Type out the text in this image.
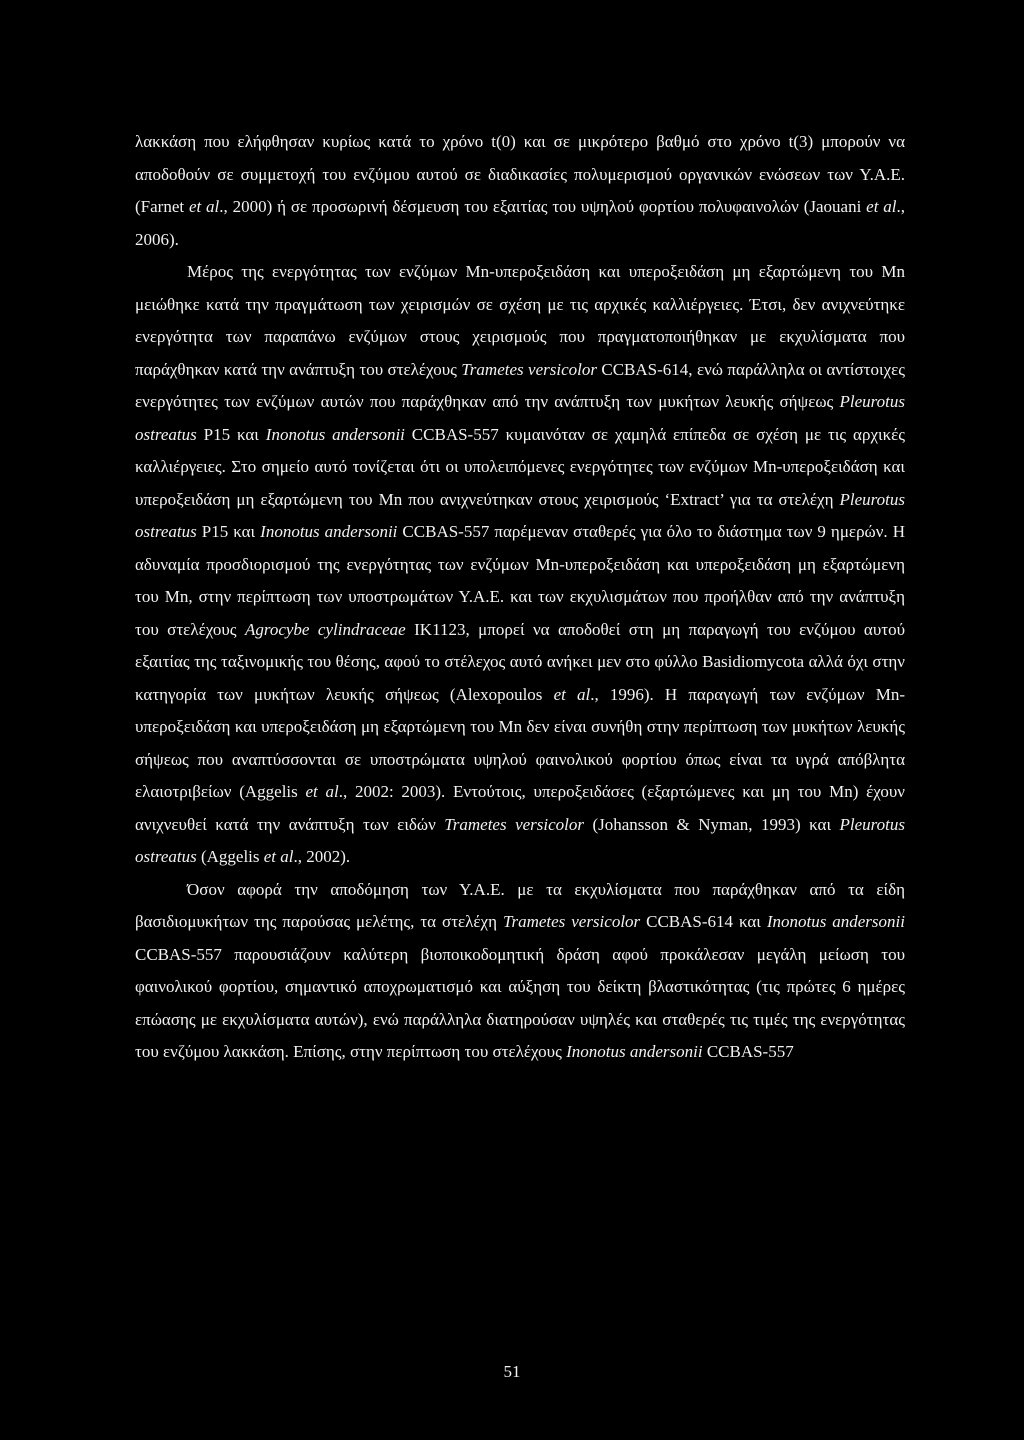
λακκάση που ελήφθησαν κυρίως κατά το χρόνο t(0) και σε μικρότερο βαθμό στο χρόνο t(3) μπορούν να αποδοθούν σε συμμετοχή του ενζύμου αυτού σε διαδικασίες πολυμερισμού οργανικών ενώσεων των Υ.Α.Ε. (Farnet et al., 2000) ή σε προσωρινή δέσμευση του εξαιτίας του υψηλού φορτίου πολυφαινολών (Jaouani et al., 2006).

Μέρος της ενεργότητας των ενζύμων Mn-υπεροξειδάση και υπεροξειδάση μη εξαρτώμενη του Mn μειώθηκε κατά την πραγμάτωση των χειρισμών σε σχέση με τις αρχικές καλλιέργειες. Έτσι, δεν ανιχνεύτηκε ενεργότητα των παραπάνω ενζύμων στους χειρισμούς που πραγματοποιήθηκαν με εκχυλίσματα που παράχθηκαν κατά την ανάπτυξη του στελέχους Trametes versicolor CCBAS-614, ενώ παράλληλα οι αντίστοιχες ενεργότητες των ενζύμων αυτών που παράχθηκαν από την ανάπτυξη των μυκήτων λευκής σήψεως Pleurotus ostreatus P15 και Inonotus andersonii CCBAS-557 κυμαινόταν σε χαμηλά επίπεδα σε σχέση με τις αρχικές καλλιέργειες. Στο σημείο αυτό τονίζεται ότι οι υπολειπόμενες ενεργότητες των ενζύμων Mn-υπεροξειδάση και υπεροξειδάση μη εξαρτώμενη του Mn που ανιχνεύτηκαν στους χειρισμούς ‘Extract’ για τα στελέχη Pleurotus ostreatus P15 και Inonotus andersonii CCBAS-557 παρέμεναν σταθερές για όλο το διάστημα των 9 ημερών. Η αδυναμία προσδιορισμού της ενεργότητας των ενζύμων Mn-υπεροξειδάση και υπεροξειδάση μη εξαρτώμενη του Mn, στην περίπτωση των υποστρωμάτων Υ.Α.Ε. και των εκχυλισμάτων που προήλθαν από την ανάπτυξη του στελέχους Agrocybe cylindraceae IK1123, μπορεί να αποδοθεί στη μη παραγωγή του ενζύμου αυτού εξαιτίας της ταξινομικής του θέσης, αφού το στέλεχος αυτό ανήκει μεν στο φύλλο Basidiomycota αλλά όχι στην κατηγορία των μυκήτων λευκής σήψεως (Alexopoulos et al., 1996). Η παραγωγή των ενζύμων Mn-υπεροξειδάση και υπεροξειδάση μη εξαρτώμενη του Mn δεν είναι συνήθη στην περίπτωση των μυκήτων λευκής σήψεως που αναπτύσσονται σε υποστρώματα υψηλού φαινολικού φορτίου όπως είναι τα υγρά απόβλητα ελαιοτριβείων (Aggelis et al., 2002: 2003). Εντούτοις, υπεροξειδάσες (εξαρτώμενες και μη του Mn) έχουν ανιχνευθεί κατά την ανάπτυξη των ειδών Trametes versicolor (Johansson & Nyman, 1993) και Pleurotus ostreatus (Aggelis et al., 2002).

Όσον αφορά την αποδόμηση των Υ.Α.Ε. με τα εκχυλίσματα που παράχθηκαν από τα είδη βασιδιομυκήτων της παρούσας μελέτης, τα στελέχη Trametes versicolor CCBAS-614 και Inonotus andersonii CCBAS-557 παρουσιάζουν καλύτερη βιοποικοδομητική δράση αφού προκάλεσαν μεγάλη μείωση του φαινολικού φορτίου, σημαντικό αποχρωματισμό και αύξηση του δείκτη βλαστικότητας (τις πρώτες 6 ημέρες επώασης με εκχυλίσματα αυτών), ενώ παράλληλα διατηρούσαν υψηλές και σταθερές τις τιμές της ενεργότητας του ενζύμου λακκάση. Επίσης, στην περίπτωση του στελέχους Inonotus andersonii CCBAS-557

51
